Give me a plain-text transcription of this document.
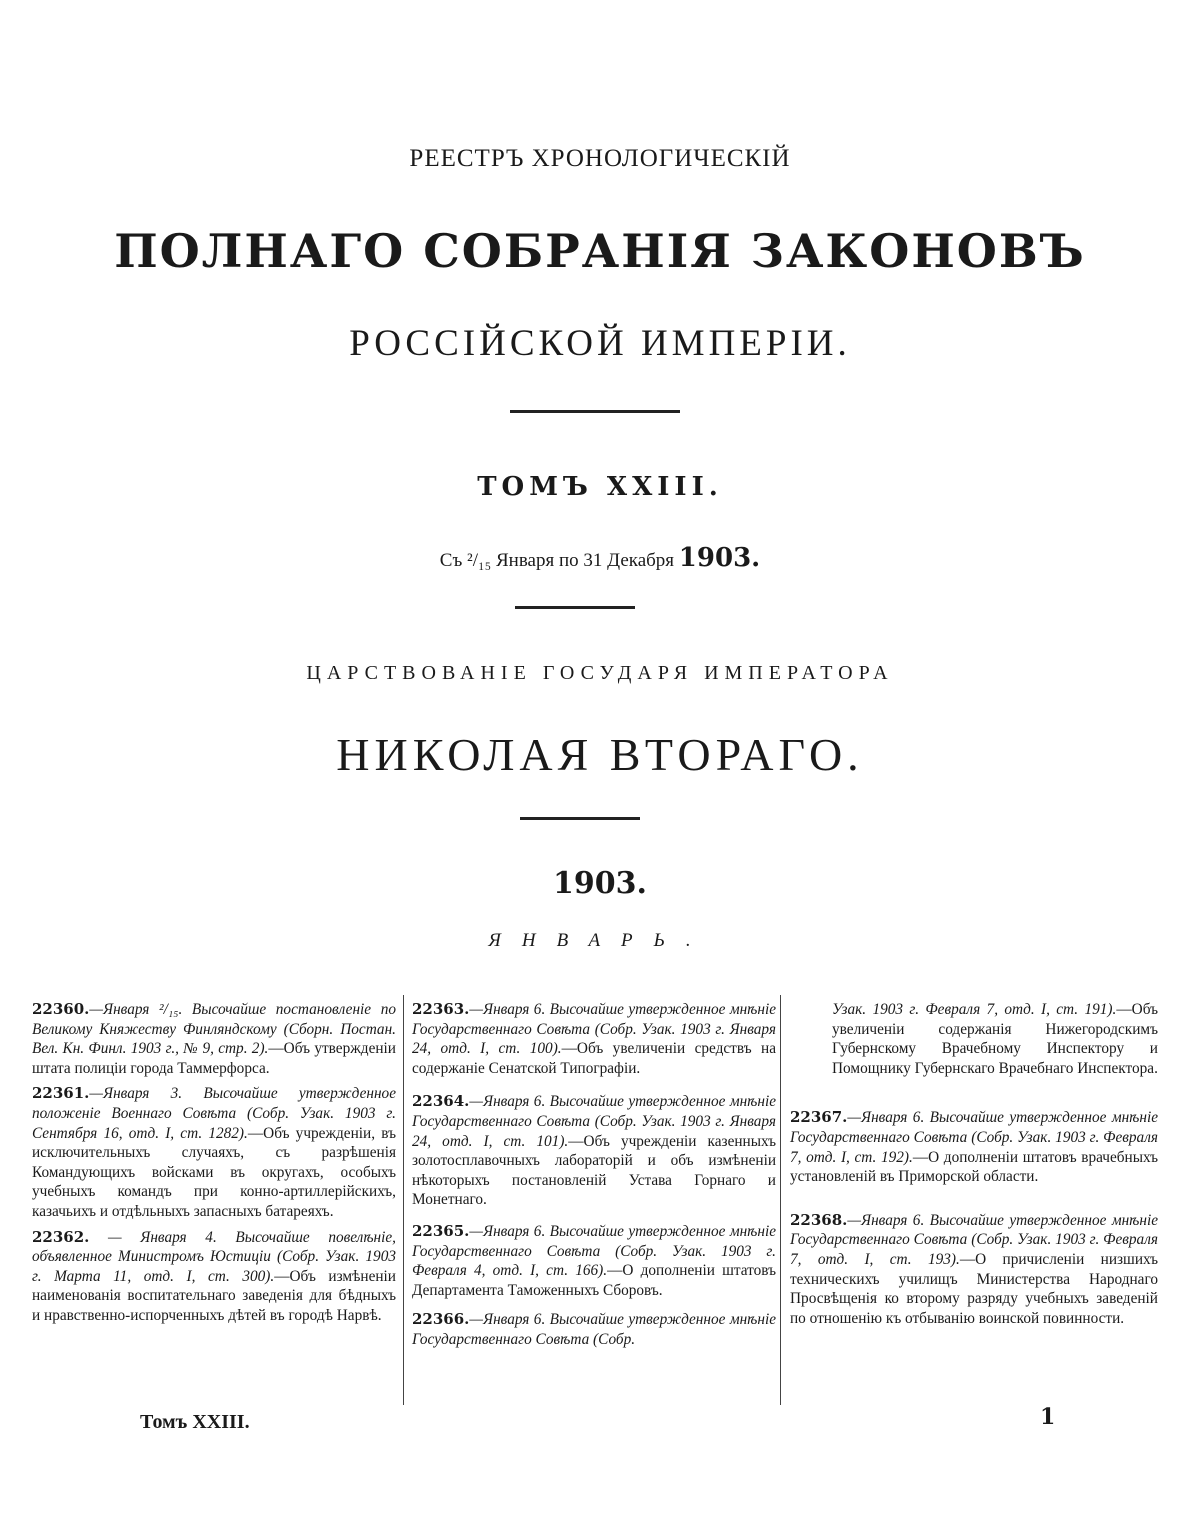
РЕЕСТРЪ ХРОНОЛОГИЧЕСКІЙ
ПОЛНАГО СОБРАНІЯ ЗАКОНОВЪ
РОССІЙСКОЙ ИМПЕРІИ.
ТОМЪ XXIII.
Съ ²/₁₅ Января по 31 Декабря 1903.
ЦАРСТВОВАНІЕ ГОСУДАРЯ ИМПЕРАТОРА
НИКОЛАЯ ВТОРАГО.
1903.
ЯНВАРЬ.

22360.—Января ²/₁₅. Высочайше постановленіе по Великому Княжеству Финляндскому (Сборн. Постан. Вел. Кн. Финл. 1903 г., № 9, стр. 2).—Объ утвержденіи штата полиціи города Таммерфорса.

22361.—Января 3. Высочайше утвержденное положеніе Военнаго Совѣта (Собр. Узак. 1903 г. Сентября 16, отд. I, ст. 1282).—Объ учрежденіи, въ исключительныхъ случаяхъ, съ разрѣшенія Командующихъ войсками въ округахъ, особыхъ учебныхъ командъ при конно-артиллерійскихъ, казачьихъ и отдѣльныхъ запасныхъ батареяхъ.

22362. — Января 4. Высочайше повелѣніе, объявленное Министромъ Юстиціи (Собр. Узак. 1903 г. Марта 11, отд. I, ст. 300).—Объ измѣненіи наименованія воспитательнаго заведенія для бѣдныхъ и нравственно-испорченныхъ дѣтей въ городѣ Нарвѣ.

22363.—Января 6. Высочайше утвержденное мнѣніе Государственнаго Совѣта (Собр. Узак. 1903 г. Января 24, отд. I, ст. 100).—Объ увеличеніи средствъ на содержаніе Сенатской Типографіи.

22364.—Января 6. Высочайше утвержденное мнѣніе Государственнаго Совѣта (Собр. Узак. 1903 г. Января 24, отд. I, ст. 101).—Объ учрежденіи казенныхъ золотосплавочныхъ лабораторій и объ измѣненіи нѣкоторыхъ постановленій Устава Горнаго и Монетнаго.

22365.—Января 6. Высочайше утвержденное мнѣніе Государственнаго Совѣта (Собр. Узак. 1903 г. Февраля 4, отд. I, ст. 166).—О дополненіи штатовъ Департамента Таможенныхъ Сборовъ.

22366.—Января 6. Высочайше утвержденное мнѣніе Государственнаго Совѣта (Собр.

Узак. 1903 г. Февраля 7, отд. I, ст. 191).—Объ увеличеніи содержанія Нижегородскимъ Губернскому Врачебному Инспектору и Помощнику Губернскаго Врачебнаго Инспектора.

22367.—Января 6. Высочайше утвержденное мнѣніе Государственнаго Совѣта (Собр. Узак. 1903 г. Февраля 7, отд. I, ст. 192).—О дополненіи штатовъ врачебныхъ установленій въ Приморской области.

22368.—Января 6. Высочайше утвержденное мнѣніе Государственнаго Совѣта (Собр. Узак. 1903 г. Февраля 7, отд. I, ст. 193).—О причисленіи низшихъ техническихъ училищъ Министерства Народнаго Просвѣщенія ко второму разряду учебныхъ заведеній по отношенію къ отбыванію воинской повинности.

Томъ XXIII.	1
